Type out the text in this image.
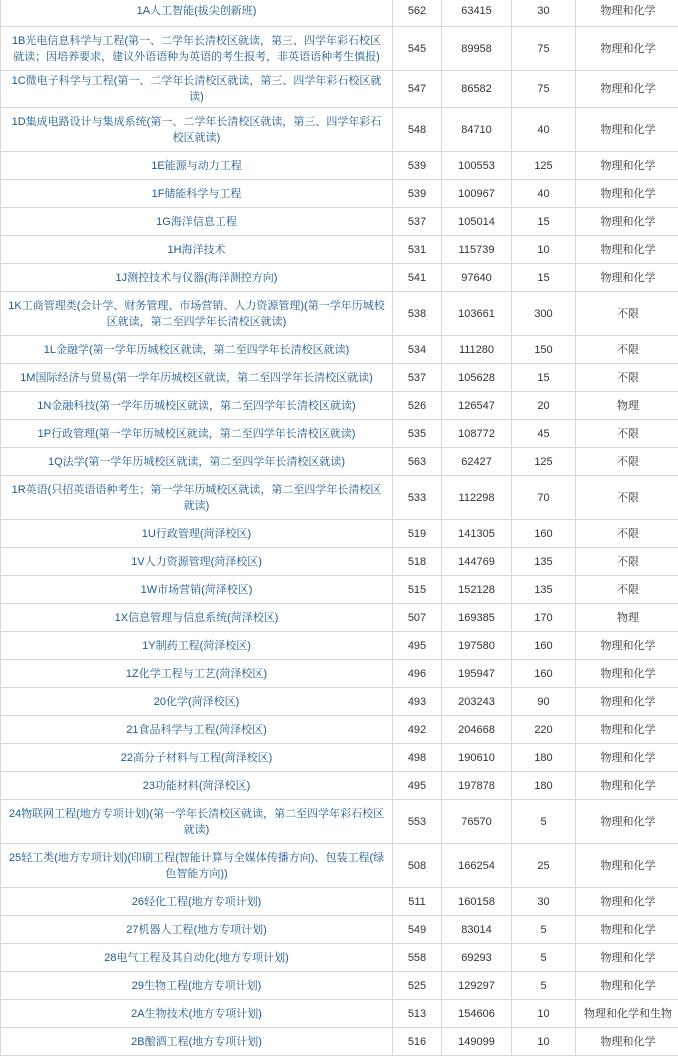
1A人工智能(拔尖创新班)	562	63415	30	物理和化学
1B光电信息科学与工程(第一、二学年长清校区就读，第三、四学年彩石校区就读；因培养要求，建议外语语种为英语的考生报考，非英语语种考生慎报)	545	89958	75	物理和化学
1C微电子科学与工程(第一、二学年长清校区就读，第三、四学年彩石校区就读)	547	86582	75	物理和化学
1D集成电路设计与集成系统(第一、二学年长清校区就读，第三、四学年彩石校区就读)	548	84710	40	物理和化学
1E能源与动力工程	539	100553	125	物理和化学
1F储能科学与工程	539	100967	40	物理和化学
1G海洋信息工程	537	105014	15	物理和化学
1H海洋技术	531	115739	10	物理和化学
1J测控技术与仪器(海洋测控方向)	541	97640	15	物理和化学
1K工商管理类(会计学、财务管理、市场营销、人力资源管理)(第一学年历城校区就读，第二至四学年长清校区就读)	538	103661	300	不限
1L金融学(第一学年历城校区就读，第二至四学年长清校区就读)	534	111280	150	不限
1M国际经济与贸易(第一学年历城校区就读，第二至四学年长清校区就读)	537	105628	15	不限
1N金融科技(第一学年历城校区就读，第二至四学年长清校区就读)	526	126547	20	物理
1P行政管理(第一学年历城校区就读，第二至四学年长清校区就读)	535	108772	45	不限
1Q法学(第一学年历城校区就读，第二至四学年长清校区就读)	563	62427	125	不限
1R英语(只招英语语种考生；第一学年历城校区就读，第二至四学年长清校区就读)	533	112298	70	不限
1U行政管理(菏泽校区)	519	141305	160	不限
1V人力资源管理(菏泽校区)	518	144769	135	不限
1W市场营销(菏泽校区)	515	152128	135	不限
1X信息管理与信息系统(菏泽校区)	507	169385	170	物理
1Y制药工程(菏泽校区)	495	197580	160	物理和化学
1Z化学工程与工艺(菏泽校区)	496	195947	160	物理和化学
20化学(菏泽校区)	493	203243	90	物理和化学
21食品科学与工程(菏泽校区)	492	204668	220	物理和化学
22高分子材料与工程(菏泽校区)	498	190610	180	物理和化学
23功能材料(菏泽校区)	495	197878	180	物理和化学
24物联网工程(地方专项计划)(第一学年长清校区就读，第二至四学年彩石校区就读)	553	76570	5	物理和化学
25轻工类(地方专项计划)(印刷工程(智能计算与全媒体传播方向)、包装工程(绿色智能方向))	508	166254	25	物理和化学
26轻化工程(地方专项计划)	511	160158	30	物理和化学
27机器人工程(地方专项计划)	549	83014	5	物理和化学
28电气工程及其自动化(地方专项计划)	558	69293	5	物理和化学
29生物工程(地方专项计划)	525	129297	5	物理和化学
2A生物技术(地方专项计划)	513	154606	10	物理和化学和生物
2B酿酒工程(地方专项计划)	516	149099	10	物理和化学
